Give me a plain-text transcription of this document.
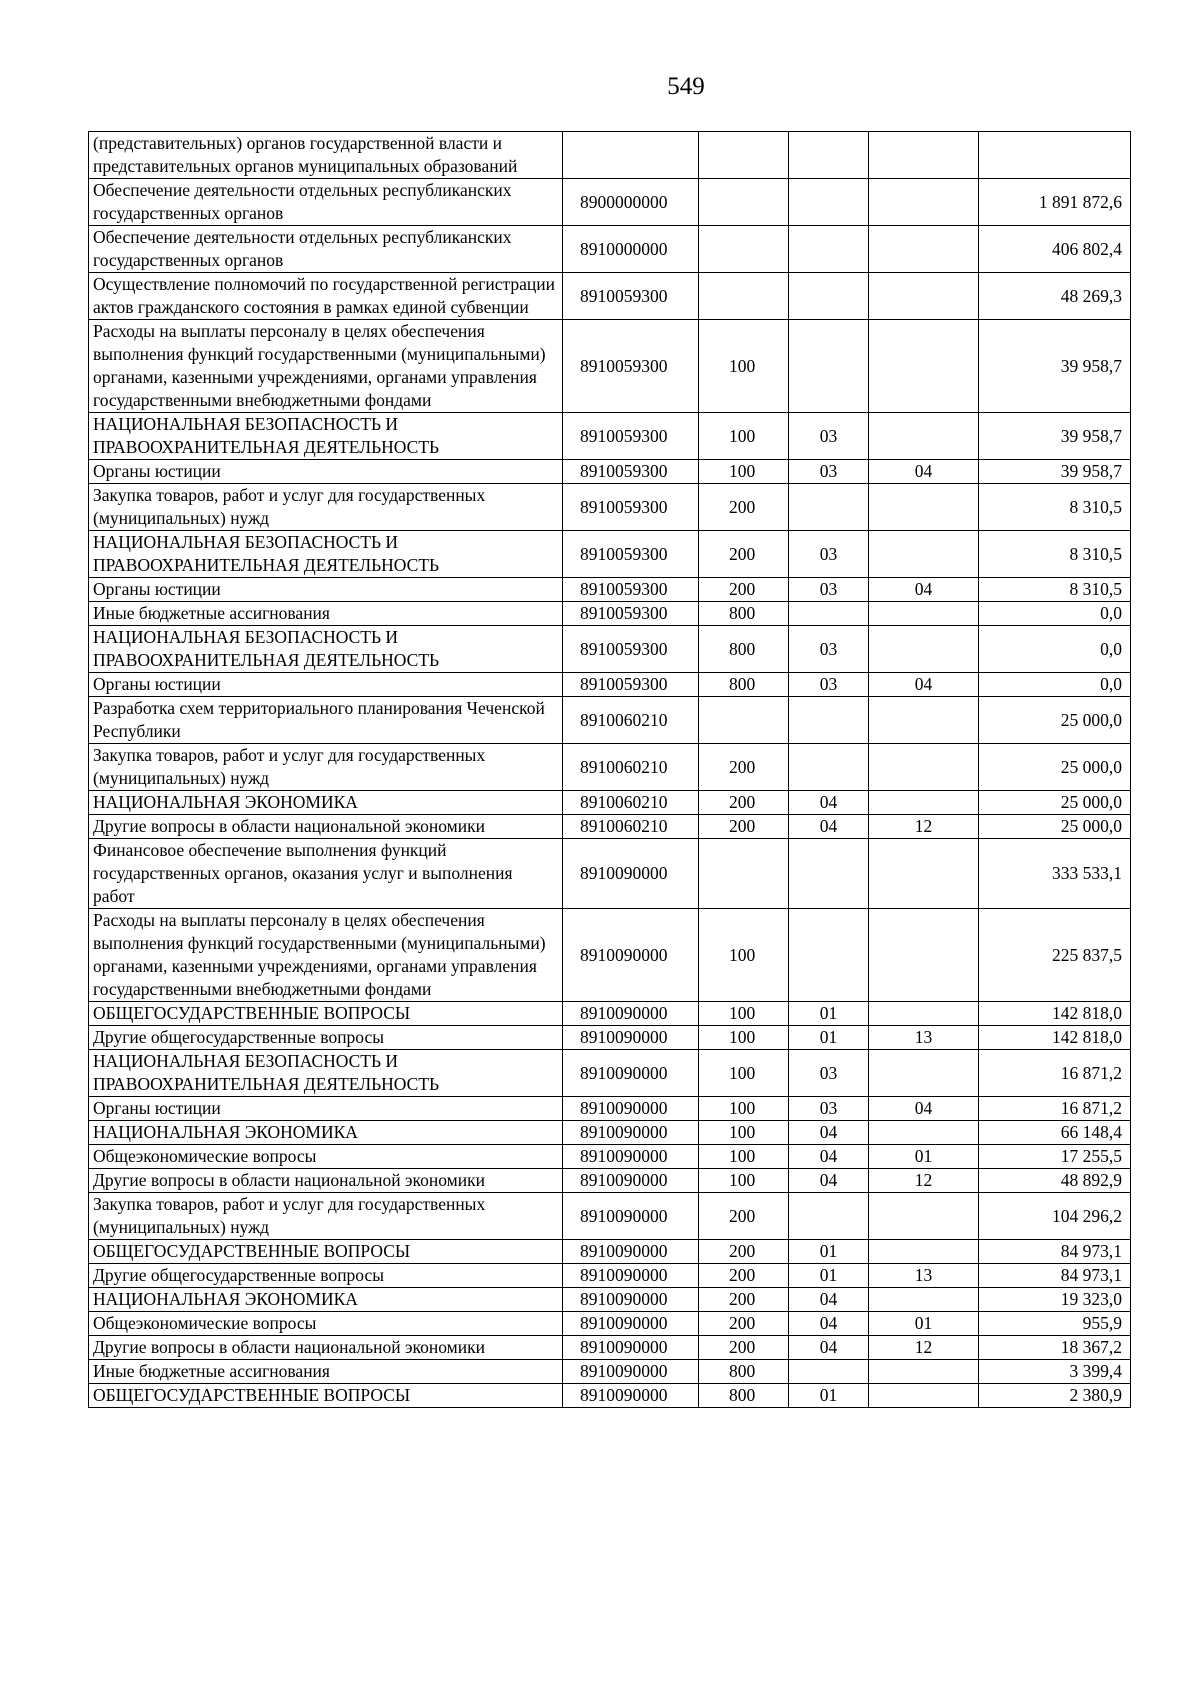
549
(представительных) органов государственной власти и представительных органов муниципальных образований					
Обеспечение деятельности отдельных республиканских государственных органов	8900000000				1 891 872,6
Обеспечение деятельности отдельных республиканских государственных органов	8910000000				406 802,4
Осуществление полномочий по государственной регистрации актов гражданского состояния в рамках единой субвенции	8910059300				48 269,3
Расходы на выплаты персоналу в целях обеспечения выполнения функций государственными (муниципальными) органами, казенными учреждениями, органами управления государственными внебюджетными фондами	8910059300	100			39 958,7
НАЦИОНАЛЬНАЯ БЕЗОПАСНОСТЬ И ПРАВООХРАНИТЕЛЬНАЯ ДЕЯТЕЛЬНОСТЬ	8910059300	100	03		39 958,7
Органы юстиции	8910059300	100	03	04	39 958,7
Закупка товаров, работ и услуг для государственных (муниципальных) нужд	8910059300	200			8 310,5
НАЦИОНАЛЬНАЯ БЕЗОПАСНОСТЬ И ПРАВООХРАНИТЕЛЬНАЯ ДЕЯТЕЛЬНОСТЬ	8910059300	200	03		8 310,5
Органы юстиции	8910059300	200	03	04	8 310,5
Иные бюджетные ассигнования	8910059300	800			0,0
НАЦИОНАЛЬНАЯ БЕЗОПАСНОСТЬ И ПРАВООХРАНИТЕЛЬНАЯ ДЕЯТЕЛЬНОСТЬ	8910059300	800	03		0,0
Органы юстиции	8910059300	800	03	04	0,0
Разработка схем территориального планирования Чеченской Республики	8910060210				25 000,0
Закупка товаров, работ и услуг для государственных (муниципальных) нужд	8910060210	200			25 000,0
НАЦИОНАЛЬНАЯ ЭКОНОМИКА	8910060210	200	04		25 000,0
Другие вопросы в области национальной экономики	8910060210	200	04	12	25 000,0
Финансовое обеспечение выполнения функций государственных органов, оказания услуг и выполнения работ	8910090000				333 533,1
Расходы на выплаты персоналу в целях обеспечения выполнения функций государственными (муниципальными) органами, казенными учреждениями, органами управления государственными внебюджетными фондами	8910090000	100			225 837,5
ОБЩЕГОСУДАРСТВЕННЫЕ ВОПРОСЫ	8910090000	100	01		142 818,0
Другие общегосударственные вопросы	8910090000	100	01	13	142 818,0
НАЦИОНАЛЬНАЯ БЕЗОПАСНОСТЬ И ПРАВООХРАНИТЕЛЬНАЯ ДЕЯТЕЛЬНОСТЬ	8910090000	100	03		16 871,2
Органы юстиции	8910090000	100	03	04	16 871,2
НАЦИОНАЛЬНАЯ ЭКОНОМИКА	8910090000	100	04		66 148,4
Общеэкономические вопросы	8910090000	100	04	01	17 255,5
Другие вопросы в области национальной экономики	8910090000	100	04	12	48 892,9
Закупка товаров, работ и услуг для государственных (муниципальных) нужд	8910090000	200			104 296,2
ОБЩЕГОСУДАРСТВЕННЫЕ ВОПРОСЫ	8910090000	200	01		84 973,1
Другие общегосударственные вопросы	8910090000	200	01	13	84 973,1
НАЦИОНАЛЬНАЯ ЭКОНОМИКА	8910090000	200	04		19 323,0
Общеэкономические вопросы	8910090000	200	04	01	955,9
Другие вопросы в области национальной экономики	8910090000	200	04	12	18 367,2
Иные бюджетные ассигнования	8910090000	800			3 399,4
ОБЩЕГОСУДАРСТВЕННЫЕ ВОПРОСЫ	8910090000	800	01		2 380,9
